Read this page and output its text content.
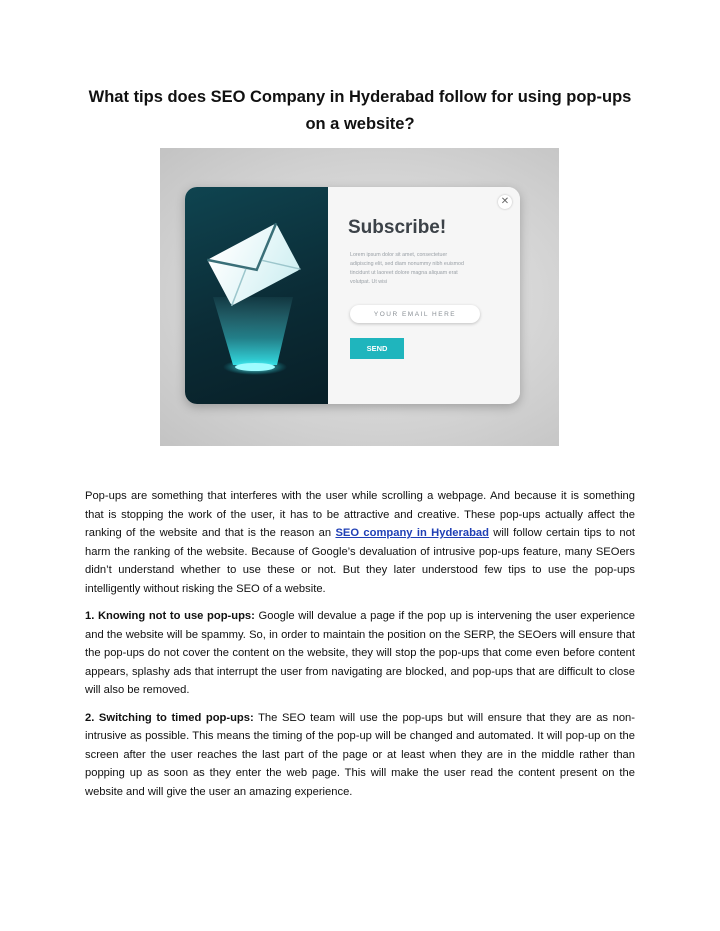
What tips does SEO Company in Hyderabad follow for using pop-ups
on a website?
✕
Subscribe!
Lorem ipsum dolor sit amet, consectetuer adipiscing elit, sed diam nonummy nibh euismod tincidunt ut laoreet dolore magna aliquam erat volutpat. Ut wisi
YOUR EMAIL HERE
SEND

Pop-ups are something that interferes with the user while scrolling a webpage. And because it is something that is stopping the work of the user, it has to be attractive and creative. These pop-ups actually affect the ranking of the website and that is the reason an SEO company in Hyderabad will follow certain tips to not harm the ranking of the website. Because of Google’s devaluation of intrusive pop-ups feature, many SEOers didn’t understand whether to use these or not. But they later understood few tips to use the pop-ups intelligently without risking the SEO of a website.

1. Knowing not to use pop-ups: Google will devalue a page if the pop up is intervening the user experience and the website will be spammy. So, in order to maintain the position on the SERP, the SEOers will ensure that the pop-ups do not cover the content on the website, they will stop the pop-ups that come even before content appears, splashy ads that interrupt the user from navigating are blocked, and pop-ups that are difficult to close will also be removed.

2. Switching to timed pop-ups: The SEO team will use the pop-ups but will ensure that they are as non-intrusive as possible. This means the timing of the pop-up will be changed and automated. It will pop-up on the screen after the user reaches the last part of the page or at least when they are in the middle rather than popping up as soon as they enter the web page. This will make the user read the content present on the website and will give the user an amazing experience.
